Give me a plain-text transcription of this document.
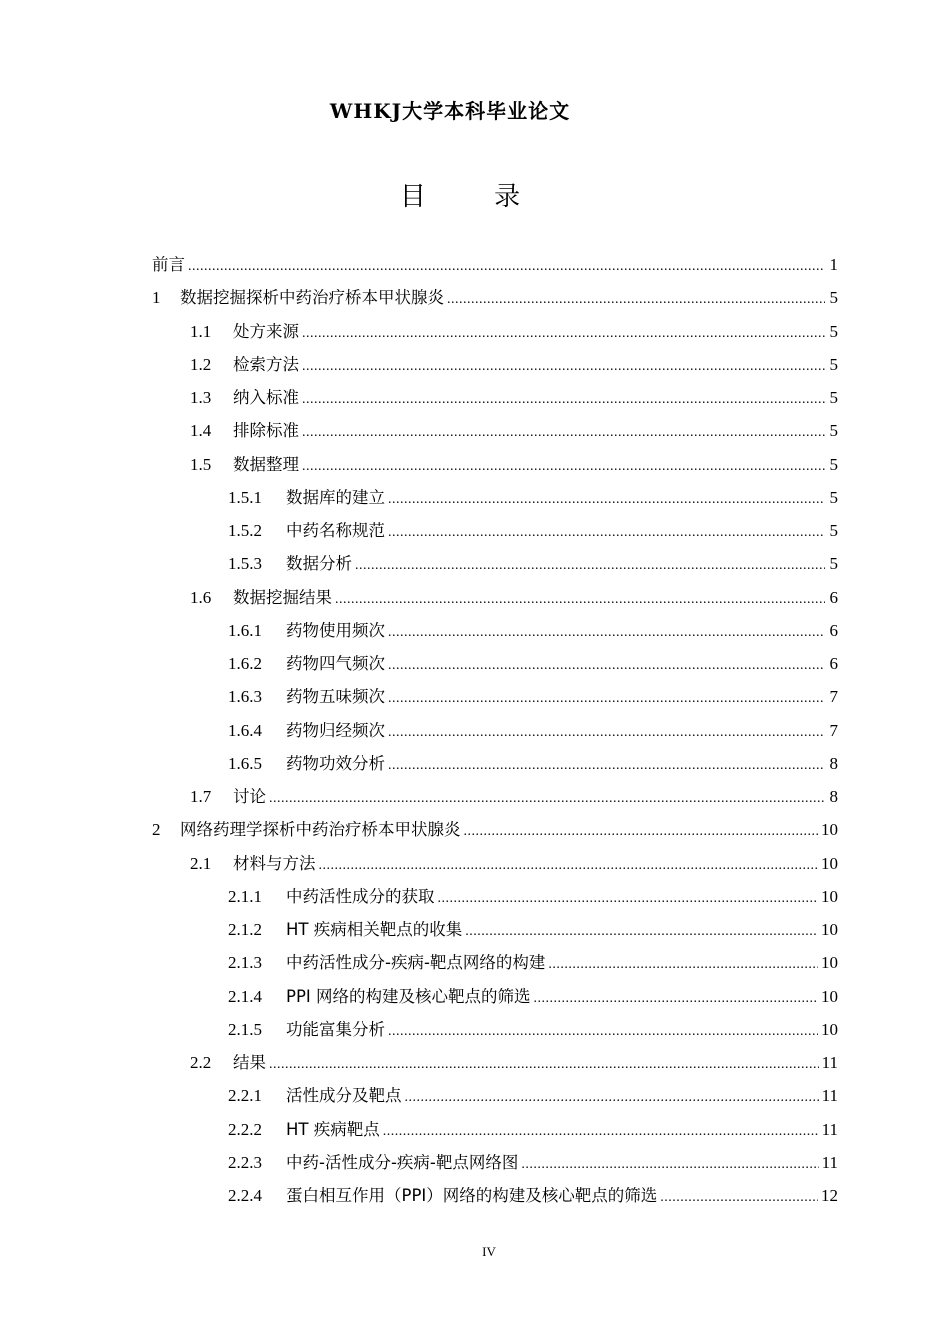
WHKJ大学本科毕业论文
目 录
前言 .....	1
1	数据挖掘探析中药治疗桥本甲状腺炎 .....	5
1.1	处方来源 .....	5
1.2	检索方法 .....	5
1.3	纳入标准 .....	5
1.4	排除标准 .....	5
1.5	数据整理 .....	5
1.5.1	数据库的建立 .....	5
1.5.2	中药名称规范 .....	5
1.5.3	数据分析 .....	5
1.6	数据挖掘结果 .....	6
1.6.1	药物使用频次 .....	6
1.6.2	药物四气频次 .....	6
1.6.3	药物五味频次 .....	7
1.6.4	药物归经频次 .....	7
1.6.5	药物功效分析 .....	8
1.7	讨论 .....	8
2	网络药理学探析中药治疗桥本甲状腺炎 .....	10
2.1	材料与方法 .....	10
2.1.1	中药活性成分的获取 .....	10
2.1.2	HT 疾病相关靶点的收集 .....	10
2.1.3	中药活性成分-疾病-靶点网络的构建 .....	10
2.1.4	PPI 网络的构建及核心靶点的筛选 .....	10
2.1.5	功能富集分析 .....	10
2.2	结果 .....	11
2.2.1	活性成分及靶点 .....	11
2.2.2	HT 疾病靶点 .....	11
2.2.3	中药-活性成分-疾病-靶点网络图 .....	11
2.2.4	蛋白相互作用（PPI）网络的构建及核心靶点的筛选 .....	12
IV
